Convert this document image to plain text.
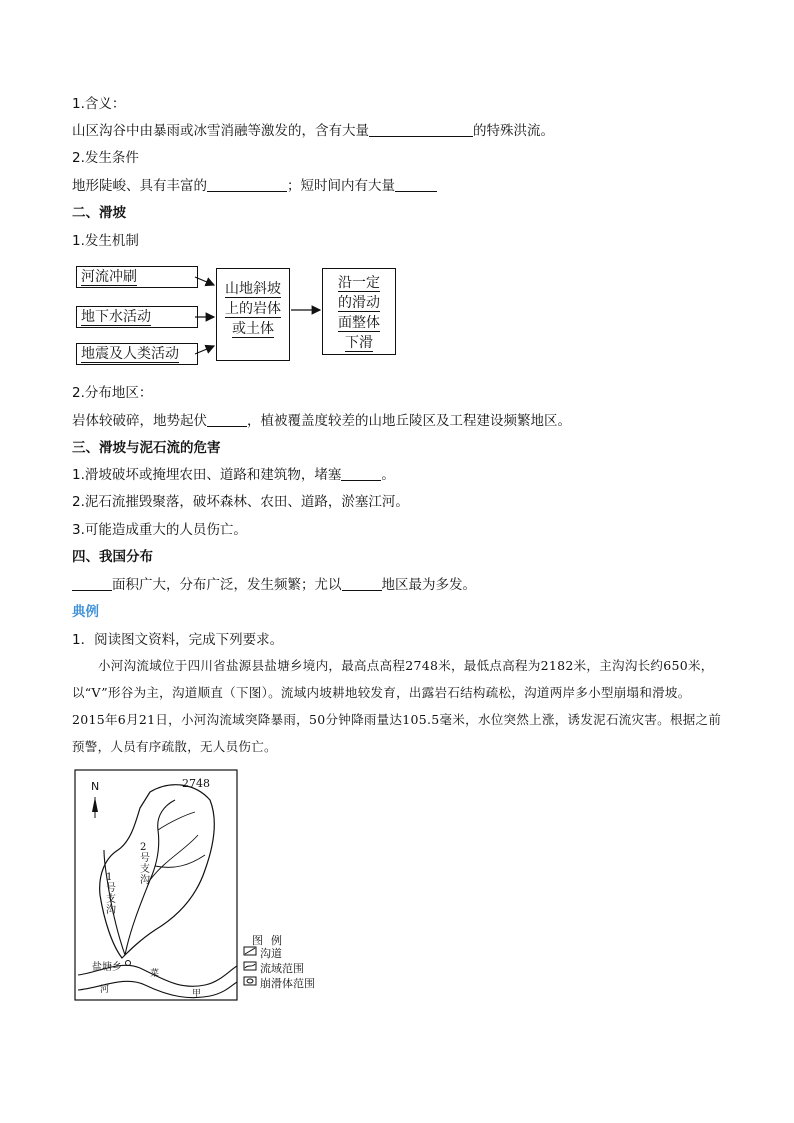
1.含义：
山区沟谷中由暴雨或冰雪消融等激发的，含有大量	的特殊洪流。
2.发生条件
地形陡峻、具有丰富的	；短时间内有大量
二、滑坡
1.发生机制
河流冲刷
地下水活动
地震及人类活动
山地斜坡
上的岩体
或土体
沿一定
的滑动
面整体
下滑
2.分布地区：
岩体较破碎，地势起伏	，植被覆盖度较差的山地丘陵区及工程建设频繁地区。
三、滑坡与泥石流的危害
1.滑坡破坏或掩埋农田、道路和建筑物，堵塞	。
2.泥石流摧毁聚落，破坏森林、农田、道路，淤塞江河。
3.可能造成重大的人员伤亡。
四、我国分布
面积广大，分布广泛，发生频繁；尤以	地区最为多发。
典例
1．阅读图文资料，完成下列要求。
小河沟流域位于四川省盐源县盐塘乡境内，最高点高程2748米，最低点高程为2182米，主沟沟长约650米，以“V”形谷为主，沟道顺直（下图）。流域内坡耕地较发育，出露岩石结构疏松，沟道两岸多小型崩塌和滑坡。2015年6月21日，小河沟流域突降暴雨，50分钟降雨量达105.5毫米，水位突然上涨，诱发泥石流灾害。根据之前预警，人员有序疏散，无人员伤亡。
N	2748
2号支沟
1号支沟
盐塘乡
河
菜
甲
图例
沟道
流域范围
崩滑体范围
